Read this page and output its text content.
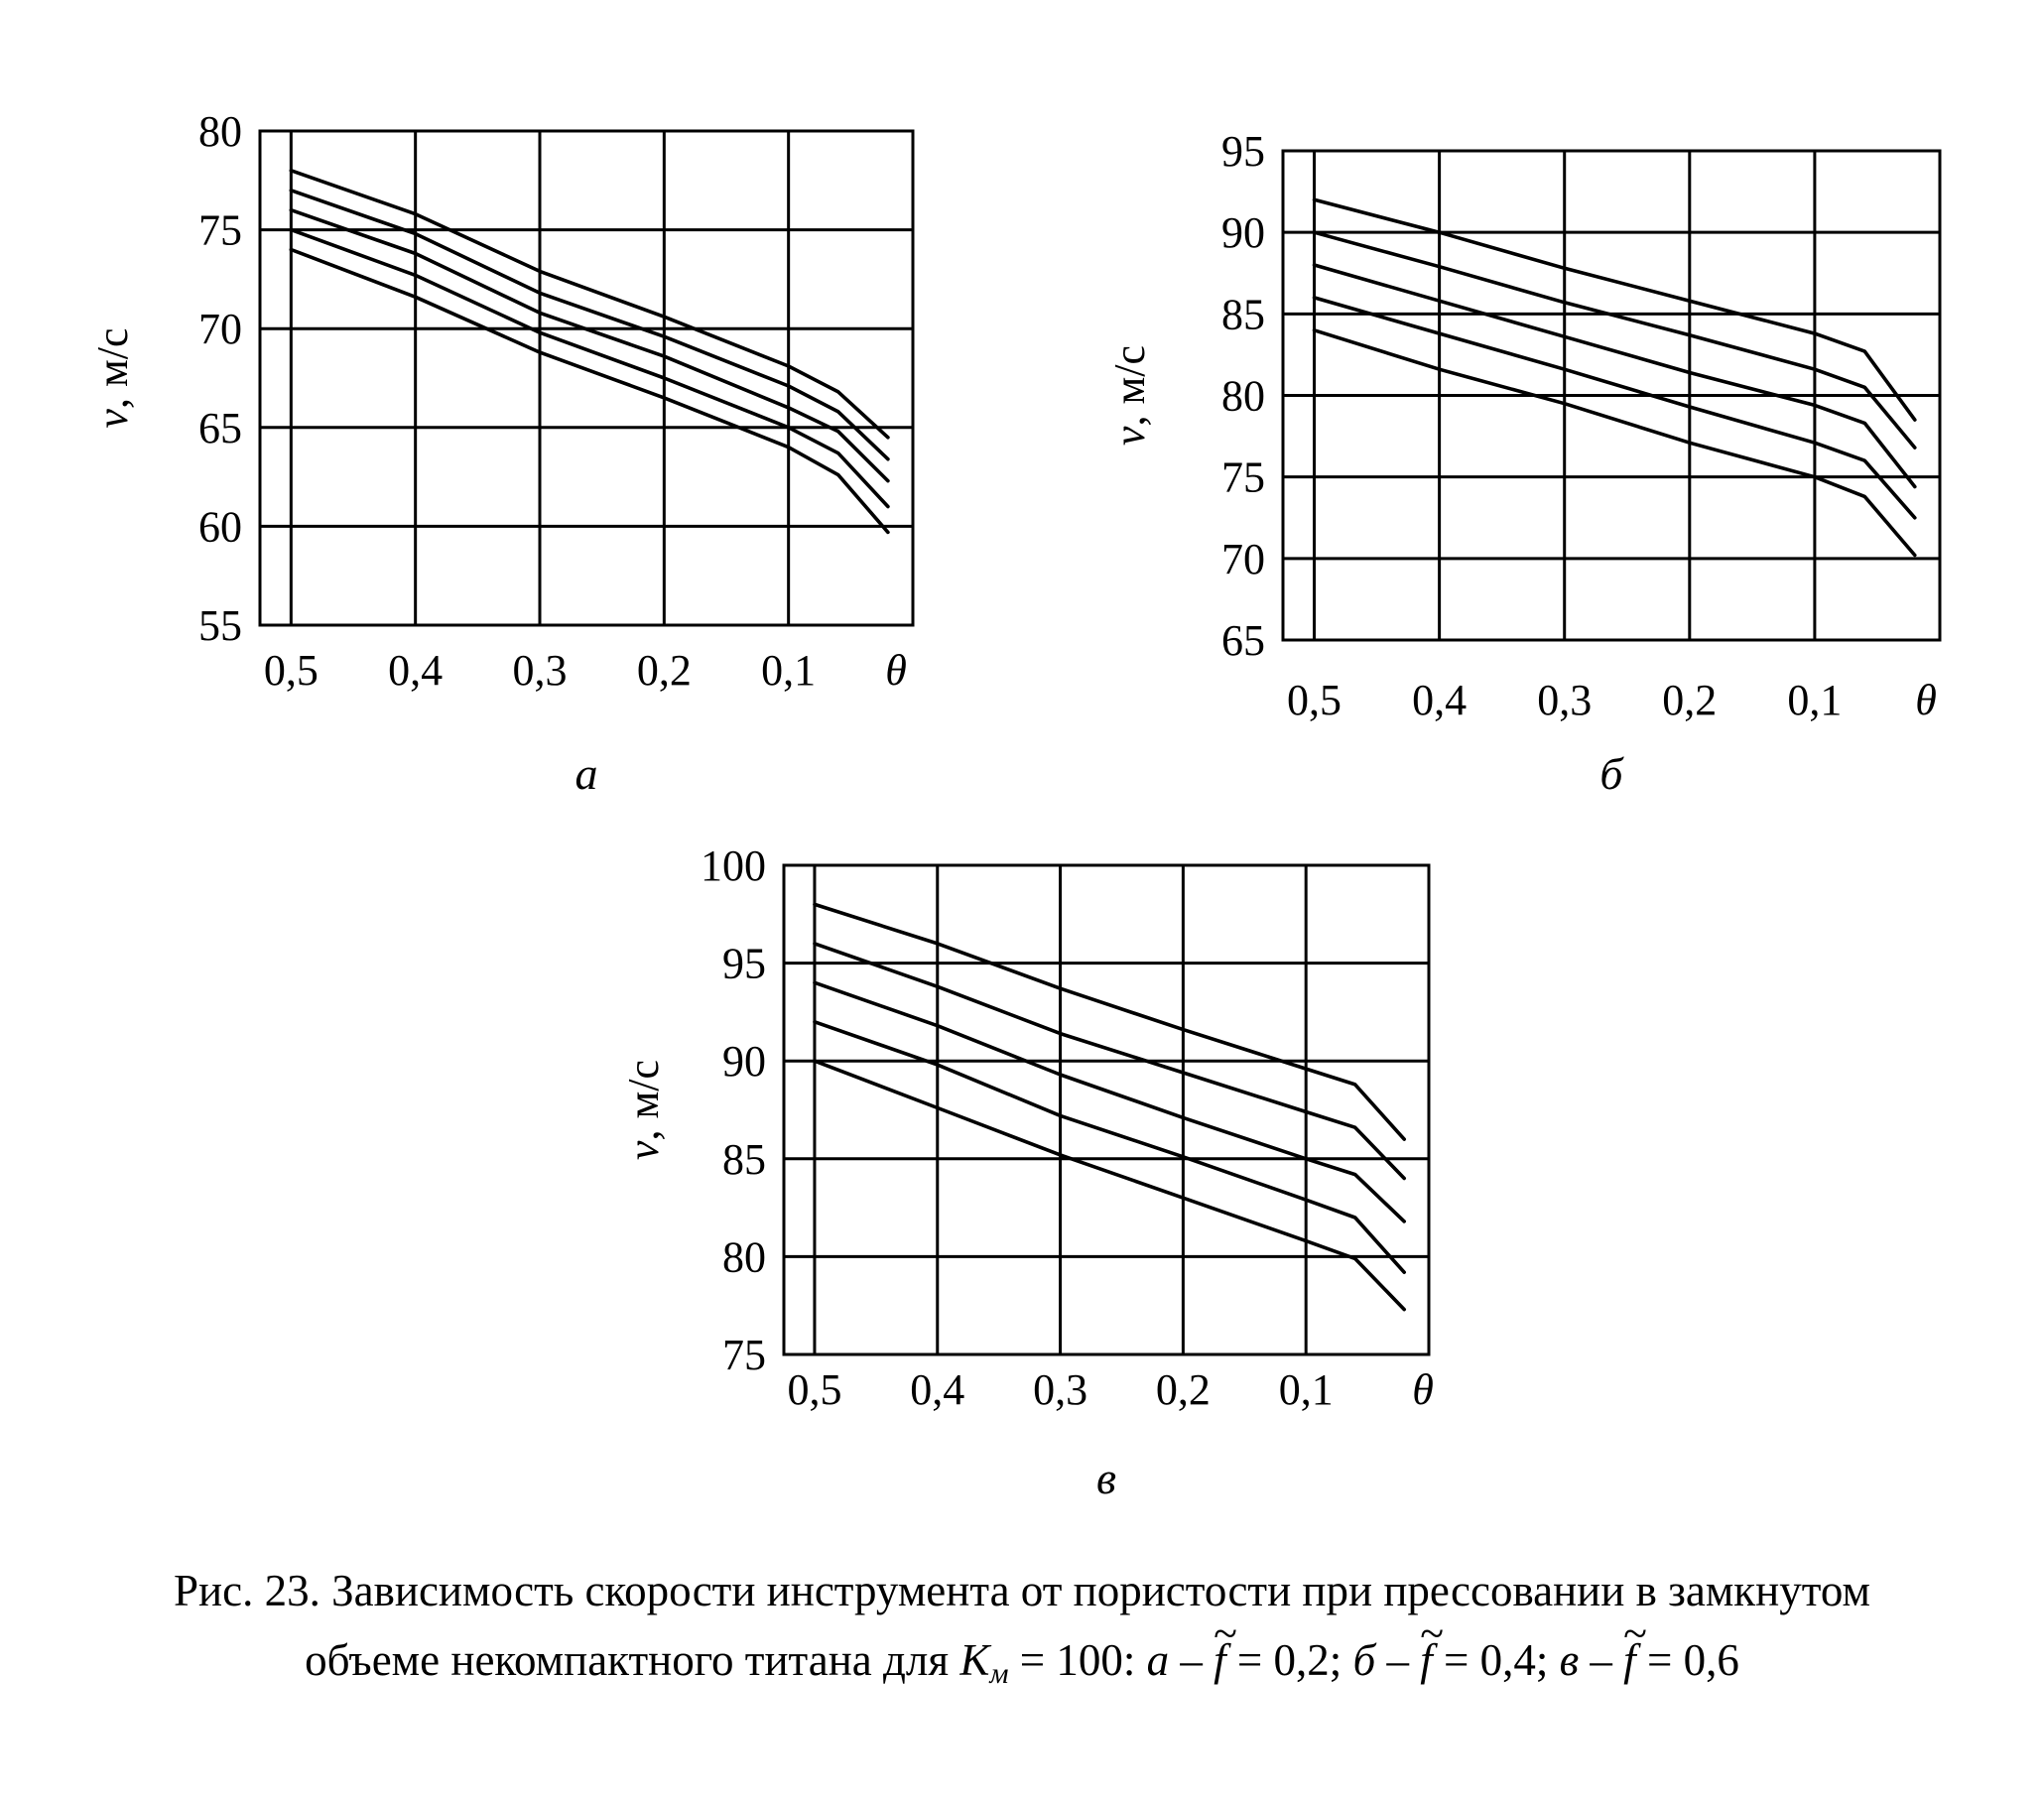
80
75
70
65
60
55
0,5 0,4 0,3 0,2 0,1 θ
v, м/с
а
95
90
85
80
75
70
65
0,5 0,4 0,3 0,2 0,1 θ
v, м/с
б
100
95
90
85
80
75
0,5 0,4 0,3 0,2 0,1 θ
v, м/с
в
Рис. 23. Зависимость скорости инструмента от пористости при прессовании в замкнутом
объеме некомпактного титана для $K_м = 100$: а – ~ f = 0,2; б – ~ f = 0,4; в – ~ f = 0,6
